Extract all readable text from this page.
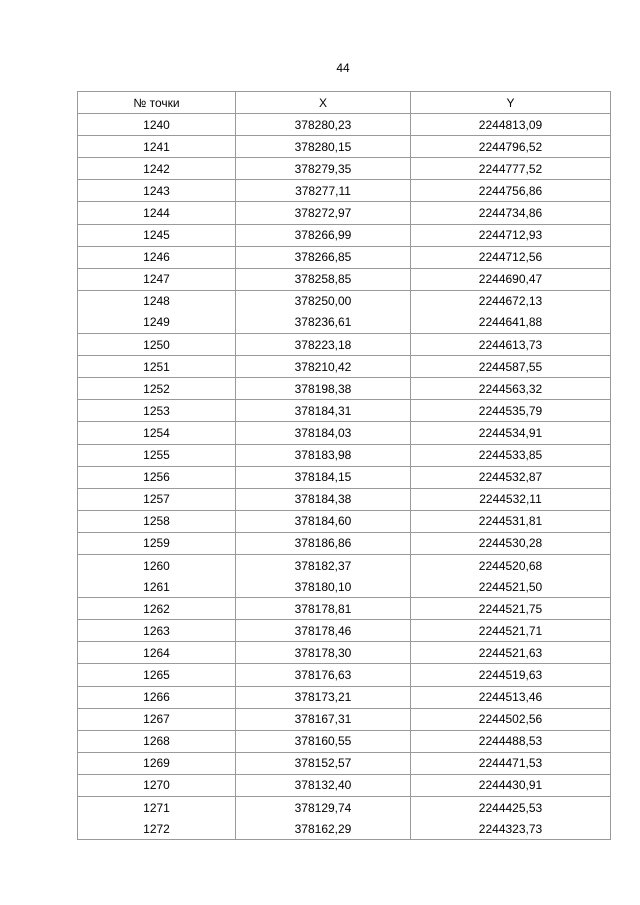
44
№ точки	X	Y
1240	378280,23	2244813,09
1241	378280,15	2244796,52
1242	378279,35	2244777,52
1243	378277,11	2244756,86
1244	378272,97	2244734,86
1245	378266,99	2244712,93
1246	378266,85	2244712,56
1247	378258,85	2244690,47
1248	378250,00	2244672,13
1249	378236,61	2244641,88
1250	378223,18	2244613,73
1251	378210,42	2244587,55
1252	378198,38	2244563,32
1253	378184,31	2244535,79
1254	378184,03	2244534,91
1255	378183,98	2244533,85
1256	378184,15	2244532,87
1257	378184,38	2244532,11
1258	378184,60	2244531,81
1259	378186,86	2244530,28
1260	378182,37	2244520,68
1261	378180,10	2244521,50
1262	378178,81	2244521,75
1263	378178,46	2244521,71
1264	378178,30	2244521,63
1265	378176,63	2244519,63
1266	378173,21	2244513,46
1267	378167,31	2244502,56
1268	378160,55	2244488,53
1269	378152,57	2244471,53
1270	378132,40	2244430,91
1271	378129,74	2244425,53
1272	378162,29	2244323,73
